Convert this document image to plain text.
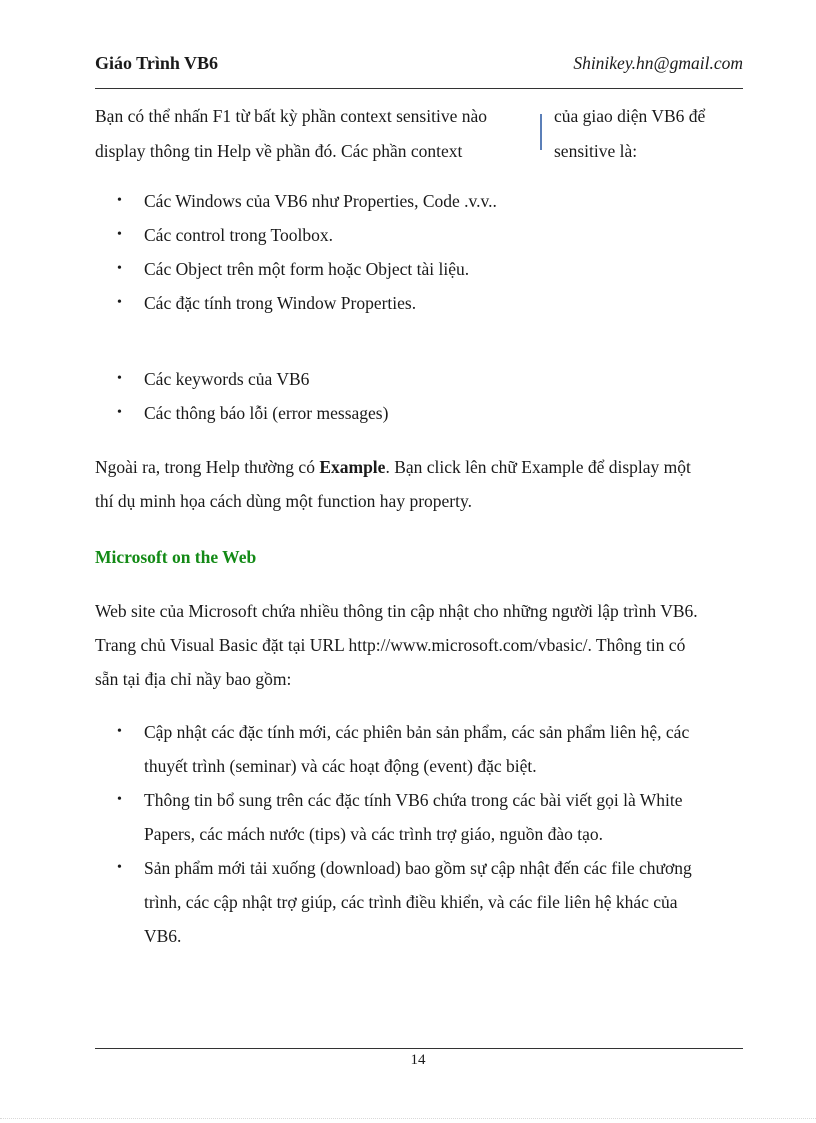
Giáo Trình VB6	Shinikey.hn@gmail.com
Bạn có thể nhấn F1 từ bất kỳ phần context sensitive nào
display thông tin Help về phần đó. Các phần context
của giao diện VB6 để
sensitive là:
• Các Windows của VB6 như Properties, Code .v.v..
• Các control trong Toolbox.
• Các Object trên một form hoặc Object tài liệu.
• Các đặc tính trong Window Properties.
• Các keywords của VB6
• Các thông báo lỗi (error messages)
Ngoài ra, trong Help thường có Example. Bạn click lên chữ Example để display một
thí dụ minh họa cách dùng một function hay property.
Microsoft on the Web
Web site của Microsoft chứa nhiều thông tin cập nhật cho những người lập trình VB6.
Trang chủ Visual Basic đặt tại URL http://www.microsoft.com/vbasic/. Thông tin có
sẵn tại địa chỉ nầy bao gồm:
• Cập nhật các đặc tính mới, các phiên bản sản phẩm, các sản phẩm liên hệ, các
thuyết trình (seminar) và các hoạt động (event) đặc biệt.
• Thông tin bổ sung trên các đặc tính VB6 chứa trong các bài viết gọi là White
Papers, các mách nước (tips) và các trình trợ giáo, nguồn đào tạo.
• Sản phẩm mới tải xuống (download) bao gồm sự cập nhật đến các file chương
trình, các cập nhật trợ giúp, các trình điều khiển, và các file liên hệ khác của
VB6.
14
